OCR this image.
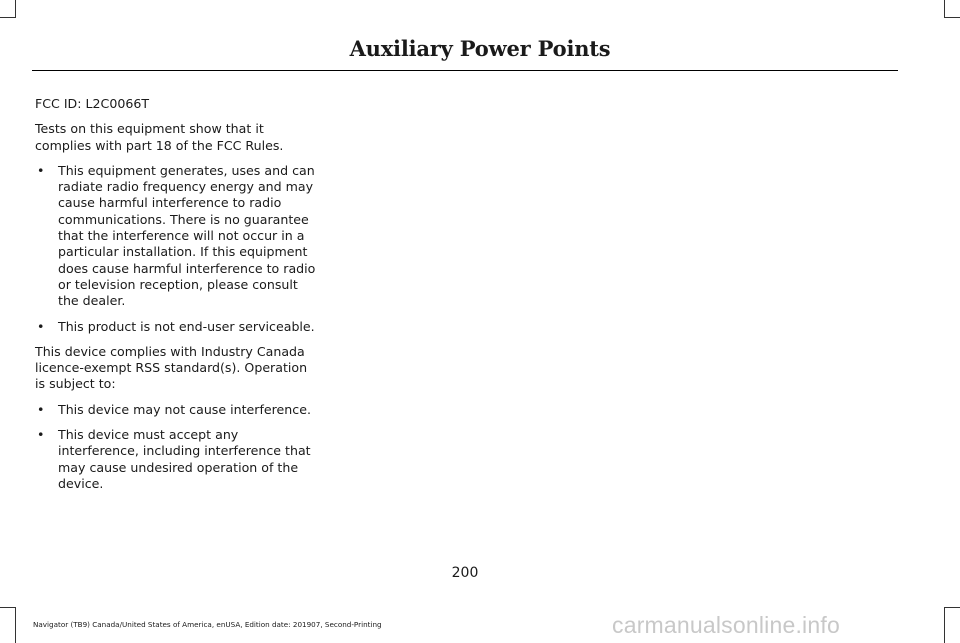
Auxiliary Power Points

FCC ID: L2C0066T

Tests on this equipment show that it complies with part 18 of the FCC Rules.

• This equipment generates, uses and can radiate radio frequency energy and may cause harmful interference to radio communications. There is no guarantee that the interference will not occur in a particular installation. If this equipment does cause harmful interference to radio or television reception, please consult the dealer.
• This product is not end-user serviceable.

This device complies with Industry Canada licence-exempt RSS standard(s). Operation is subject to:

• This device may not cause interference.
• This device must accept any interference, including interference that may cause undesired operation of the device.
200
Navigator (TB9) Canada/United States of America, enUSA, Edition date: 201907, Second-Printing	carmanualsonline.info
